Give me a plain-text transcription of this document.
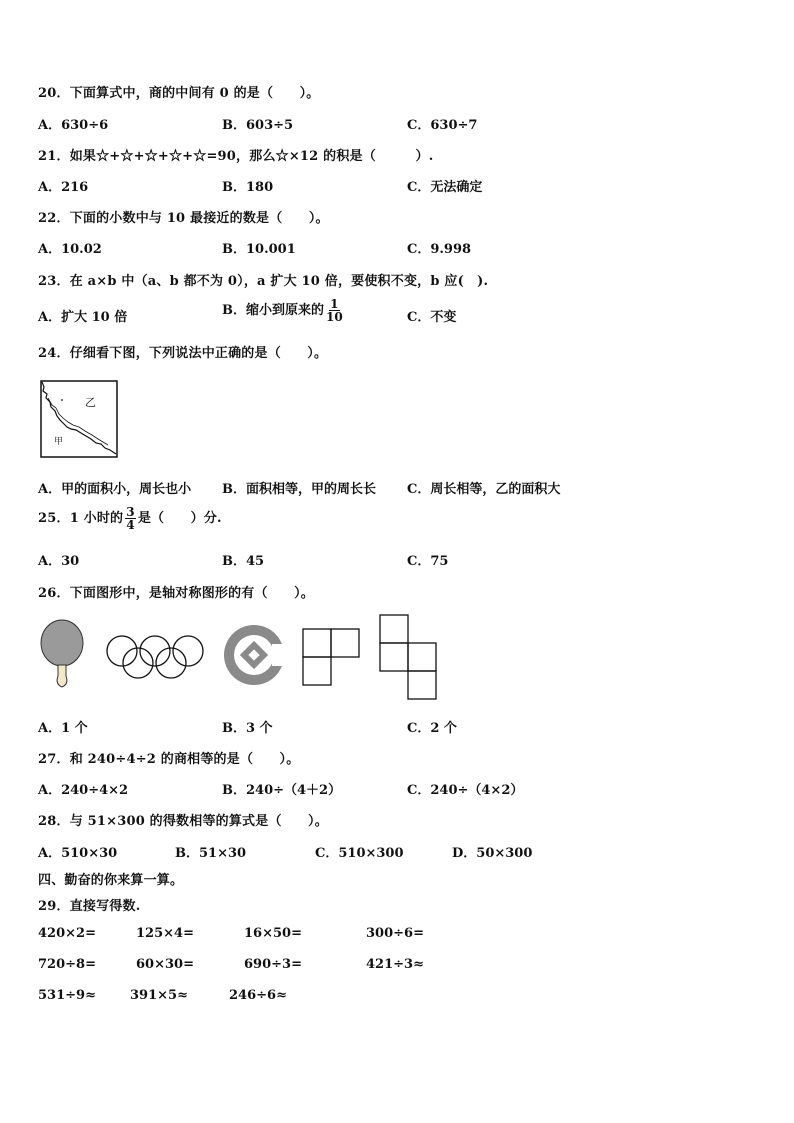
20．下面算式中，商的中间有 0 的是（　　）。
A．630÷6	B．603÷5	C．630÷7
21．如果☆+☆+☆+☆+☆=90，那么☆×12 的积是（　　　）.
A．216	B．180	C．无法确定
22．下面的小数中与 10 最接近的数是（　　）。
A．10.02	B．10.001	C．9.998
23．在 a×b 中（a、b 都不为 0），a 扩大 10 倍，要使积不变，b 应(　).
A．扩大 10 倍	B．缩小到原来的 $\frac{1}{10}$	C．不变
24．仔细看下图，下列说法中正确的是（　　）。
乙
甲
A．甲的面积小，周长也小 B．面积相等，甲的周长长 C．周长相等，乙的面积大
25．1 小时的 $\frac{3}{4}$ 是（　　）分.
A．30	B．45	C．75
26．下面图形中，是轴对称图形的有（　　）。
A．1 个	B．3 个	C．2 个
27．和 240÷4÷2 的商相等的是（　　）。
A．240÷4×2	B．240÷（4＋2）	C．240÷（4×2）
28．与 51×300 的得数相等的算式是（　　）。
A．510×30	B．51×30	C．510×300	D．50×300
四、勤奋的你来算一算。
29．直接写得数.
420×2=	125×4=	16×50=	300÷6=
720÷8=	60×30=	690÷3=	421÷3≈
531÷9≈	391×5≈	246÷6≈
